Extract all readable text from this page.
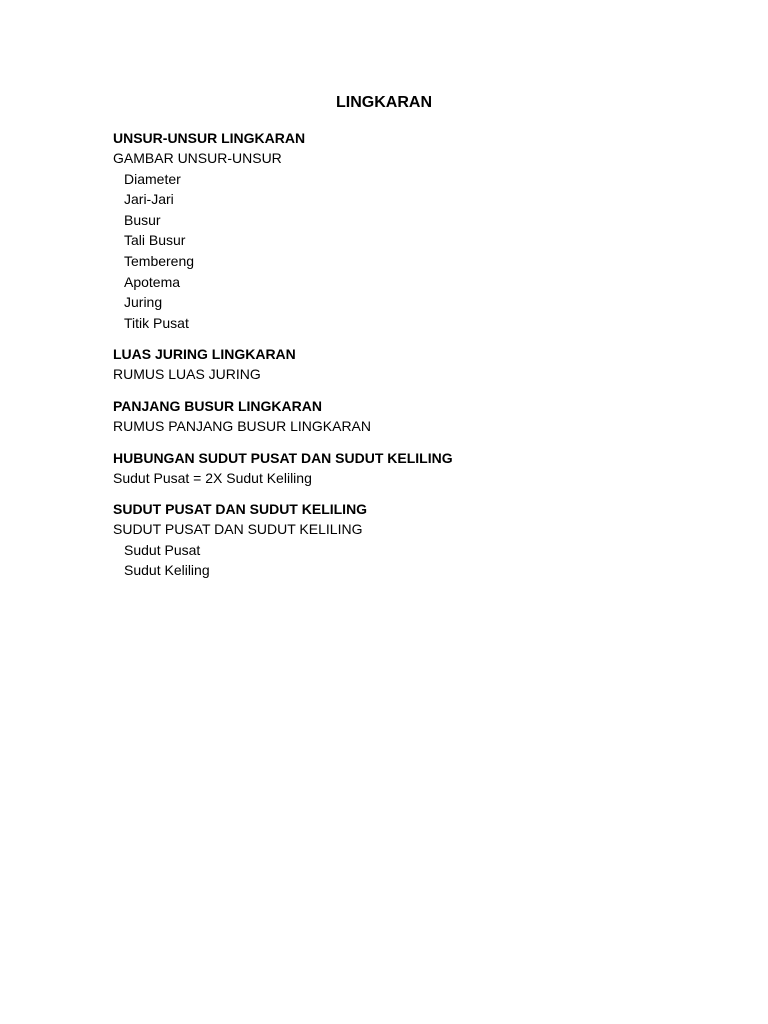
LINGKARAN
UNSUR-UNSUR LINGKARAN
GAMBAR UNSUR-UNSUR
Diameter
Jari-Jari
Busur
Tali Busur
Tembereng
Apotema
Juring
Titik Pusat
LUAS JURING LINGKARAN
RUMUS LUAS JURING
PANJANG BUSUR LINGKARAN
RUMUS PANJANG BUSUR LINGKARAN
HUBUNGAN SUDUT PUSAT DAN SUDUT KELILING
Sudut Pusat = 2X Sudut Keliling
SUDUT PUSAT DAN SUDUT KELILING
SUDUT PUSAT DAN SUDUT KELILING
Sudut Pusat
Sudut Keliling
